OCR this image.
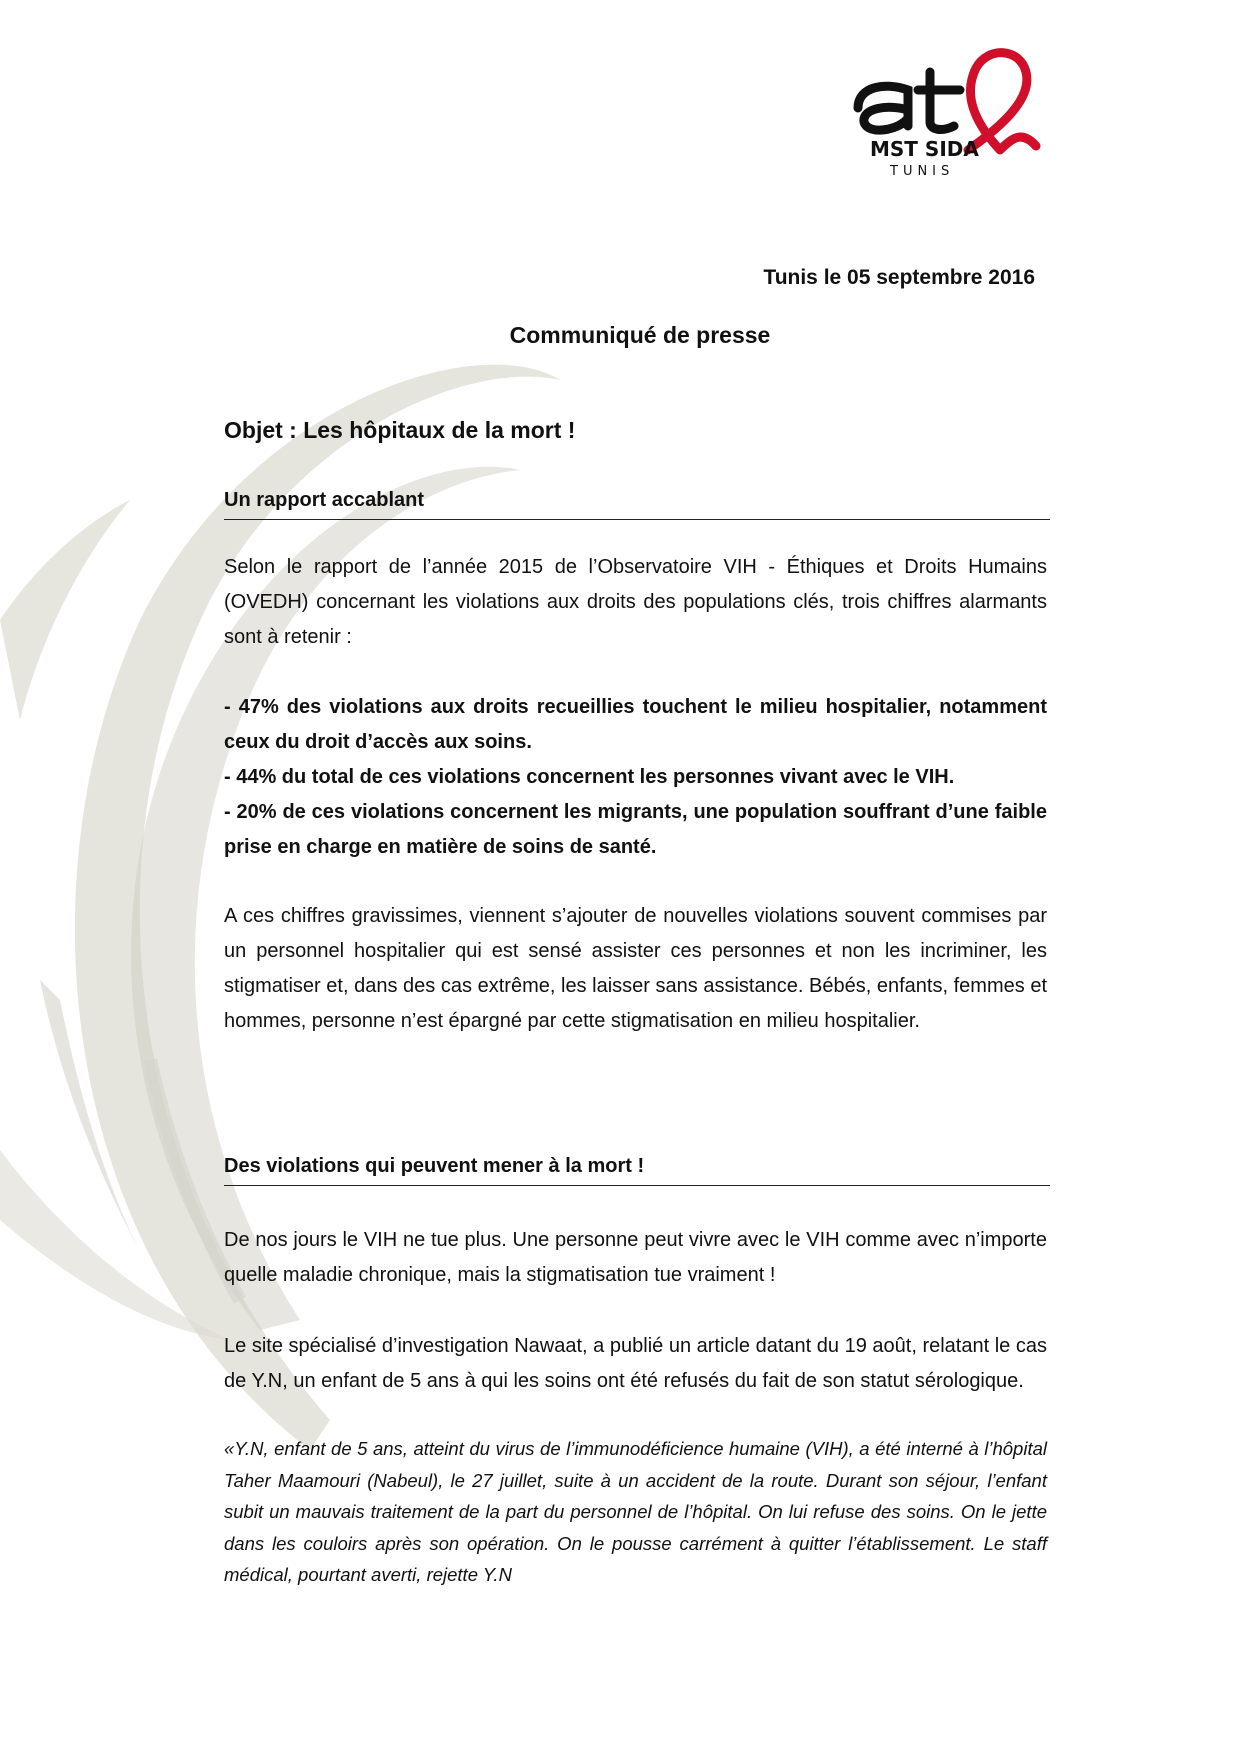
MST SIDA
TUNIS
Tunis le 05 septembre 2016
Communiqué de presse
Objet : Les hôpitaux de la mort !
Un rapport accablant

Selon le rapport de l’année 2015 de l’Observatoire VIH - Éthiques et Droits Humains (OVEDH) concernant les violations aux droits des populations clés, trois chiffres alarmants sont à retenir :

- 47% des violations aux droits recueillies touchent le milieu hospitalier, notamment ceux du droit d’accès aux soins.
- 44% du total de ces violations concernent les personnes vivant avec le VIH.
- 20% de ces violations concernent les migrants, une population souffrant d’une faible prise en charge en matière de soins de santé.

A ces chiffres gravissimes, viennent s’ajouter de nouvelles violations souvent commises par un personnel hospitalier qui est sensé assister ces personnes et non les incriminer, les stigmatiser et, dans des cas extrême, les laisser sans assistance. Bébés, enfants, femmes et hommes, personne n’est épargné par cette stigmatisation en milieu hospitalier.

Des violations qui peuvent mener à la mort !

De nos jours le VIH ne tue plus. Une personne peut vivre avec le VIH comme avec n’importe quelle maladie chronique, mais la stigmatisation tue vraiment !

Le site spécialisé d’investigation Nawaat, a publié un article datant du 19 août, relatant le cas de Y.N, un enfant de 5 ans à qui les soins ont été refusés du fait de son statut sérologique.

«Y.N, enfant de 5 ans, atteint du virus de l’immunodéficience humaine (VIH), a été interné à l’hôpital Taher Maamouri (Nabeul), le 27 juillet, suite à un accident de la route. Durant son séjour, l’enfant subit un mauvais traitement de la part du personnel de l’hôpital. On lui refuse des soins. On le jette dans les couloirs après son opération. On le pousse carrément à quitter l’établissement. Le staff médical, pourtant averti, rejette Y.N
